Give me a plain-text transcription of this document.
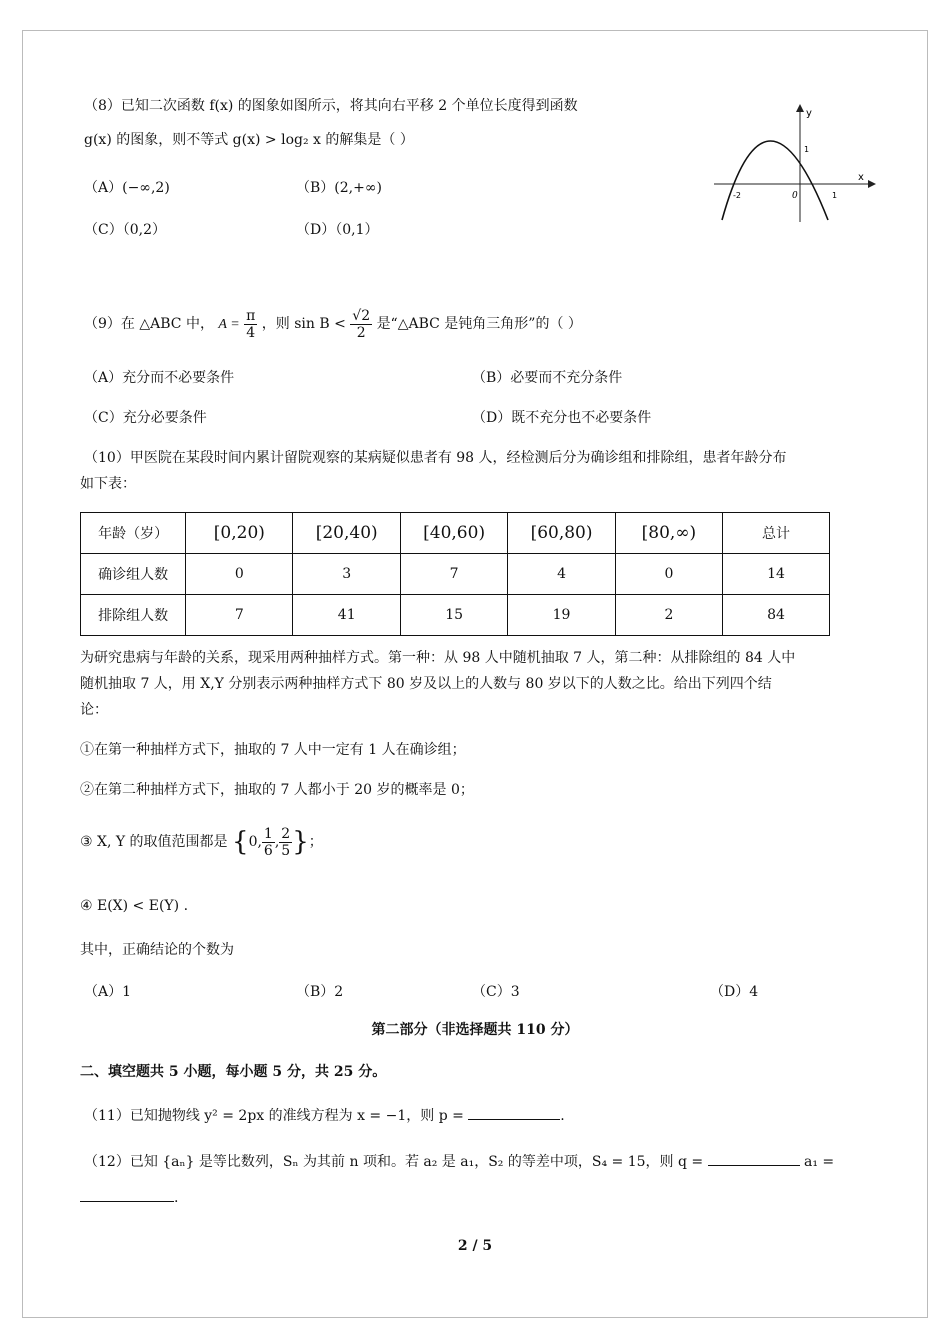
（8）已知二次函数 f(x) 的图象如图所示，将其向右平移 2 个单位长度得到函数
g(x) 的图象，则不等式 g(x) > log₂ x 的解集是（ ）
（A）(−∞,2)	（B）(2,+∞)
（C）（0,2）	（D）（0,1）
y
x
0
-2	1
1
（9）在 △ABC 中， $A = \frac{\pi}{4}$ ，则 $\sin B < \frac{√2}{2}$ 是“△ABC 是钝角三角形”的（ ）
（A）充分而不必要条件	（B）必要而不充分条件
（C）充分必要条件	（D）既不充分也不必要条件
（10）甲医院在某段时间内累计留院观察的某病疑似患者有 98 人，经检测后分为确诊组和排除组，患者年龄分布
如下表：
年龄（岁）	[0,20)	[20,40)	[40,60)	[60,80)	[80,∞)	总计
确诊组人数	0	3	7	4	0	14
排除组人数	7	41	15	19	2	84
为研究患病与年龄的关系，现采用两种抽样方式。第一种：从 98 人中随机抽取 7 人，第二种：从排除组的 84 人中
随机抽取 7 人，用 X,Y 分别表示两种抽样方式下 80 岁及以上的人数与 80 岁以下的人数之比。给出下列四个结
论：
①在第一种抽样方式下，抽取的 7 人中一定有 1 人在确诊组；
②在第二种抽样方式下，抽取的 7 人都小于 20 岁的概率是 0；
③ X, Y 的取值范围都是 {0, $\frac{1}{6}$ , $\frac{2}{5}$ }；
④ E(X) < E(Y) .
其中，正确结论的个数为
（A）1	（B）2	（C）3	（D）4
第二部分（非选择题共 110 分）
二、填空题共 5 小题，每小题 5 分，共 25 分。
（11）已知抛物线 y² = 2px 的准线方程为 x = −1，则 p =	.
（12）已知 {aₙ} 是等比数列，Sₙ 为其前 n 项和。若 a₂ 是 a₁，S₂ 的等差中项，S₄ = 15，则 q =	a₁ =
.
2 / 5
